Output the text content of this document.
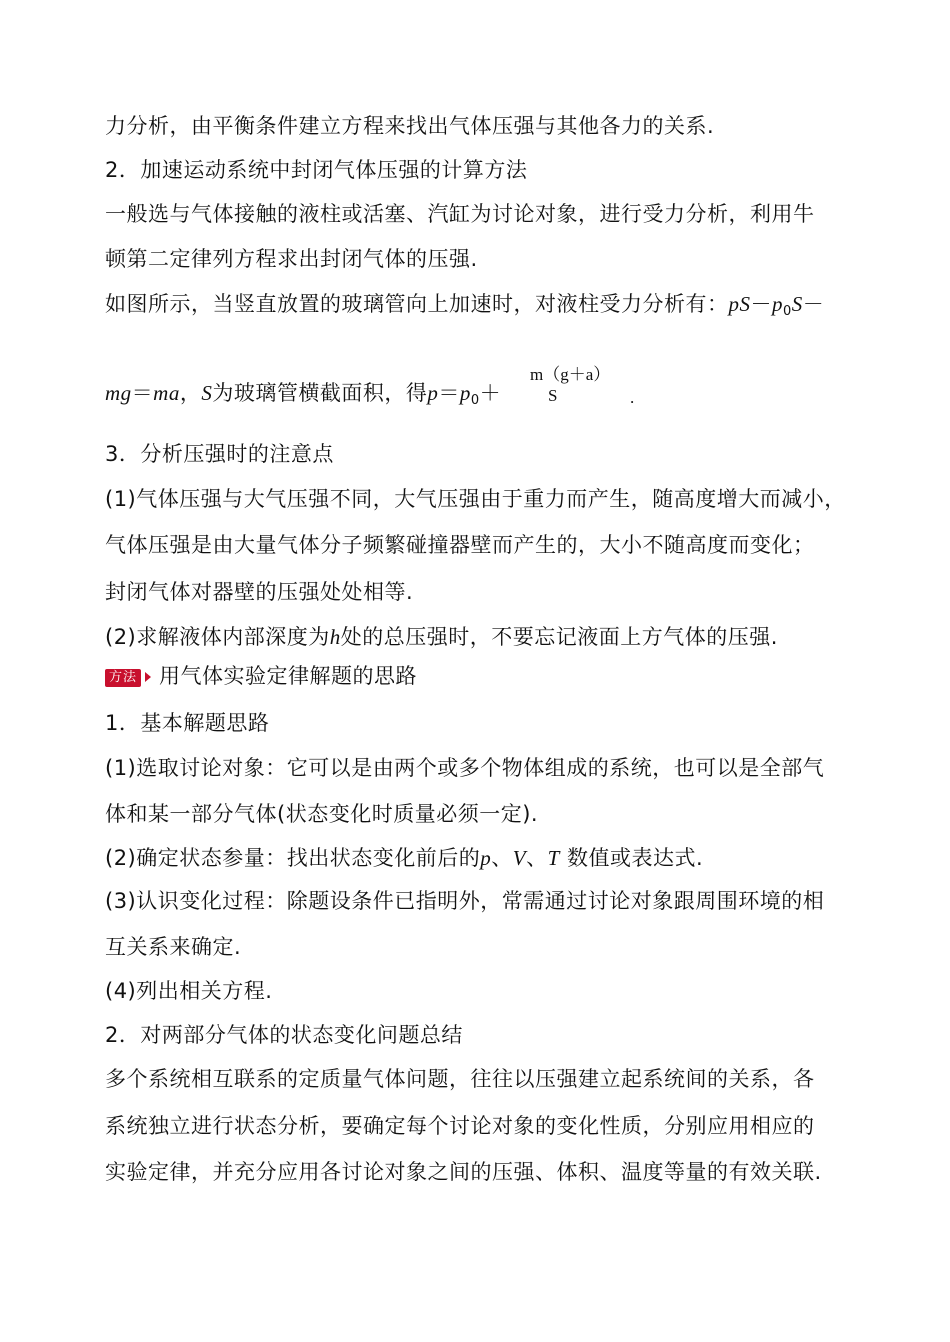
力分析，由平衡条件建立方程来找出气体压强与其他各力的关系.
2．加速运动系统中封闭气体压强的计算方法
一般选与气体接触的液柱或活塞、汽缸为讨论对象，进行受力分析，利用牛
顿第二定律列方程求出封闭气体的压强.
如图所示，当竖直放置的玻璃管向上加速时，对液柱受力分析有：$pS-p_0S-$
mg＝ma，S为玻璃管横截面积，得$p=p_0+$
m（g＋a）
S	.
3．分析压强时的注意点
(1)气体压强与大气压强不同，大气压强由于重力而产生，随高度增大而减小，
气体压强是由大量气体分子频繁碰撞器壁而产生的，大小不随高度而变化；
封闭气体对器壁的压强处处相等.
(2)求解液体内部深度为h处的总压强时，不要忘记液面上方气体的压强.
方法 用气体实验定律解题的思路
1．基本解题思路
(1)选取讨论对象：它可以是由两个或多个物体组成的系统，也可以是全部气
体和某一部分气体(状态变化时质量必须一定).
(2)确定状态参量：找出状态变化前后的p、V、T 数值或表达式.
(3)认识变化过程：除题设条件已指明外，常需通过讨论对象跟周围环境的相
互关系来确定.
(4)列出相关方程.
2．对两部分气体的状态变化问题总结
多个系统相互联系的定质量气体问题，往往以压强建立起系统间的关系，各
系统独立进行状态分析，要确定每个讨论对象的变化性质，分别应用相应的
实验定律，并充分应用各讨论对象之间的压强、体积、温度等量的有效关联.
